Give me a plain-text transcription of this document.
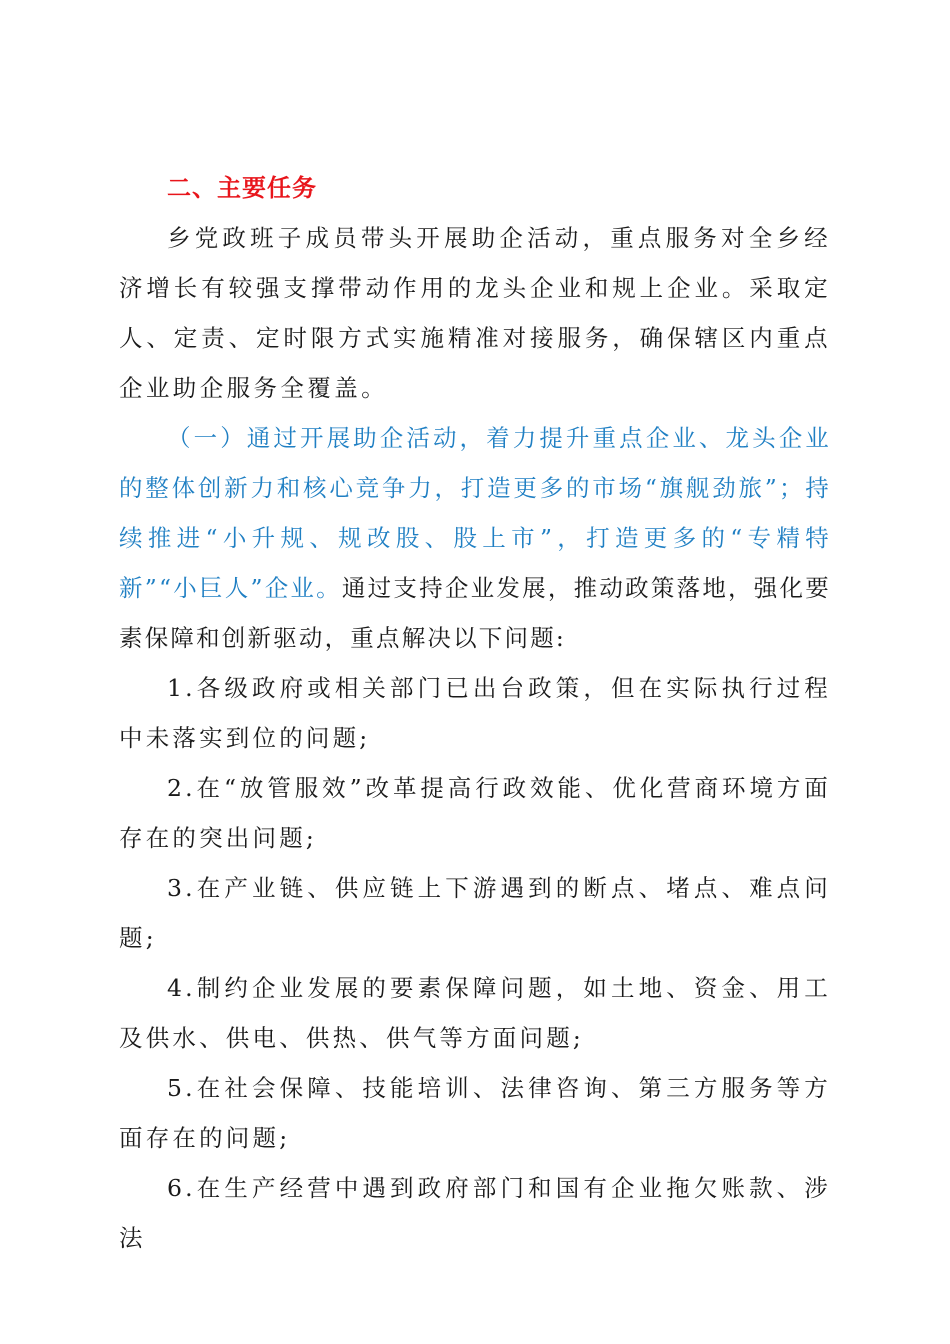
二、主要任务

乡党政班子成员带头开展助企活动，重点服务对全乡经济增长有较强支撑带动作用的龙头企业和规上企业。采取定人、定责、定时限方式实施精准对接服务，确保辖区内重点企业助企服务全覆盖。

（一）通过开展助企活动，着力提升重点企业、龙头企业的整体创新力和核心竞争力，打造更多的市场“旗舰劲旅”；持续推进“小升规、规改股、股上市”，打造更多的“专精特新”“小巨人”企业。通过支持企业发展，推动政策落地，强化要素保障和创新驱动，重点解决以下问题:

1.各级政府或相关部门已出台政策，但在实际执行过程中未落实到位的问题;

2.在“放管服效”改革提高行政效能、优化营商环境方面存在的突出问题;

3.在产业链、供应链上下游遇到的断点、堵点、难点问题;

4.制约企业发展的要素保障问题，如土地、资金、用工及供水、供电、供热、供气等方面问题;

5.在社会保障、技能培训、法律咨询、第三方服务等方面存在的问题;

6.在生产经营中遇到政府部门和国有企业拖欠账款、涉法
